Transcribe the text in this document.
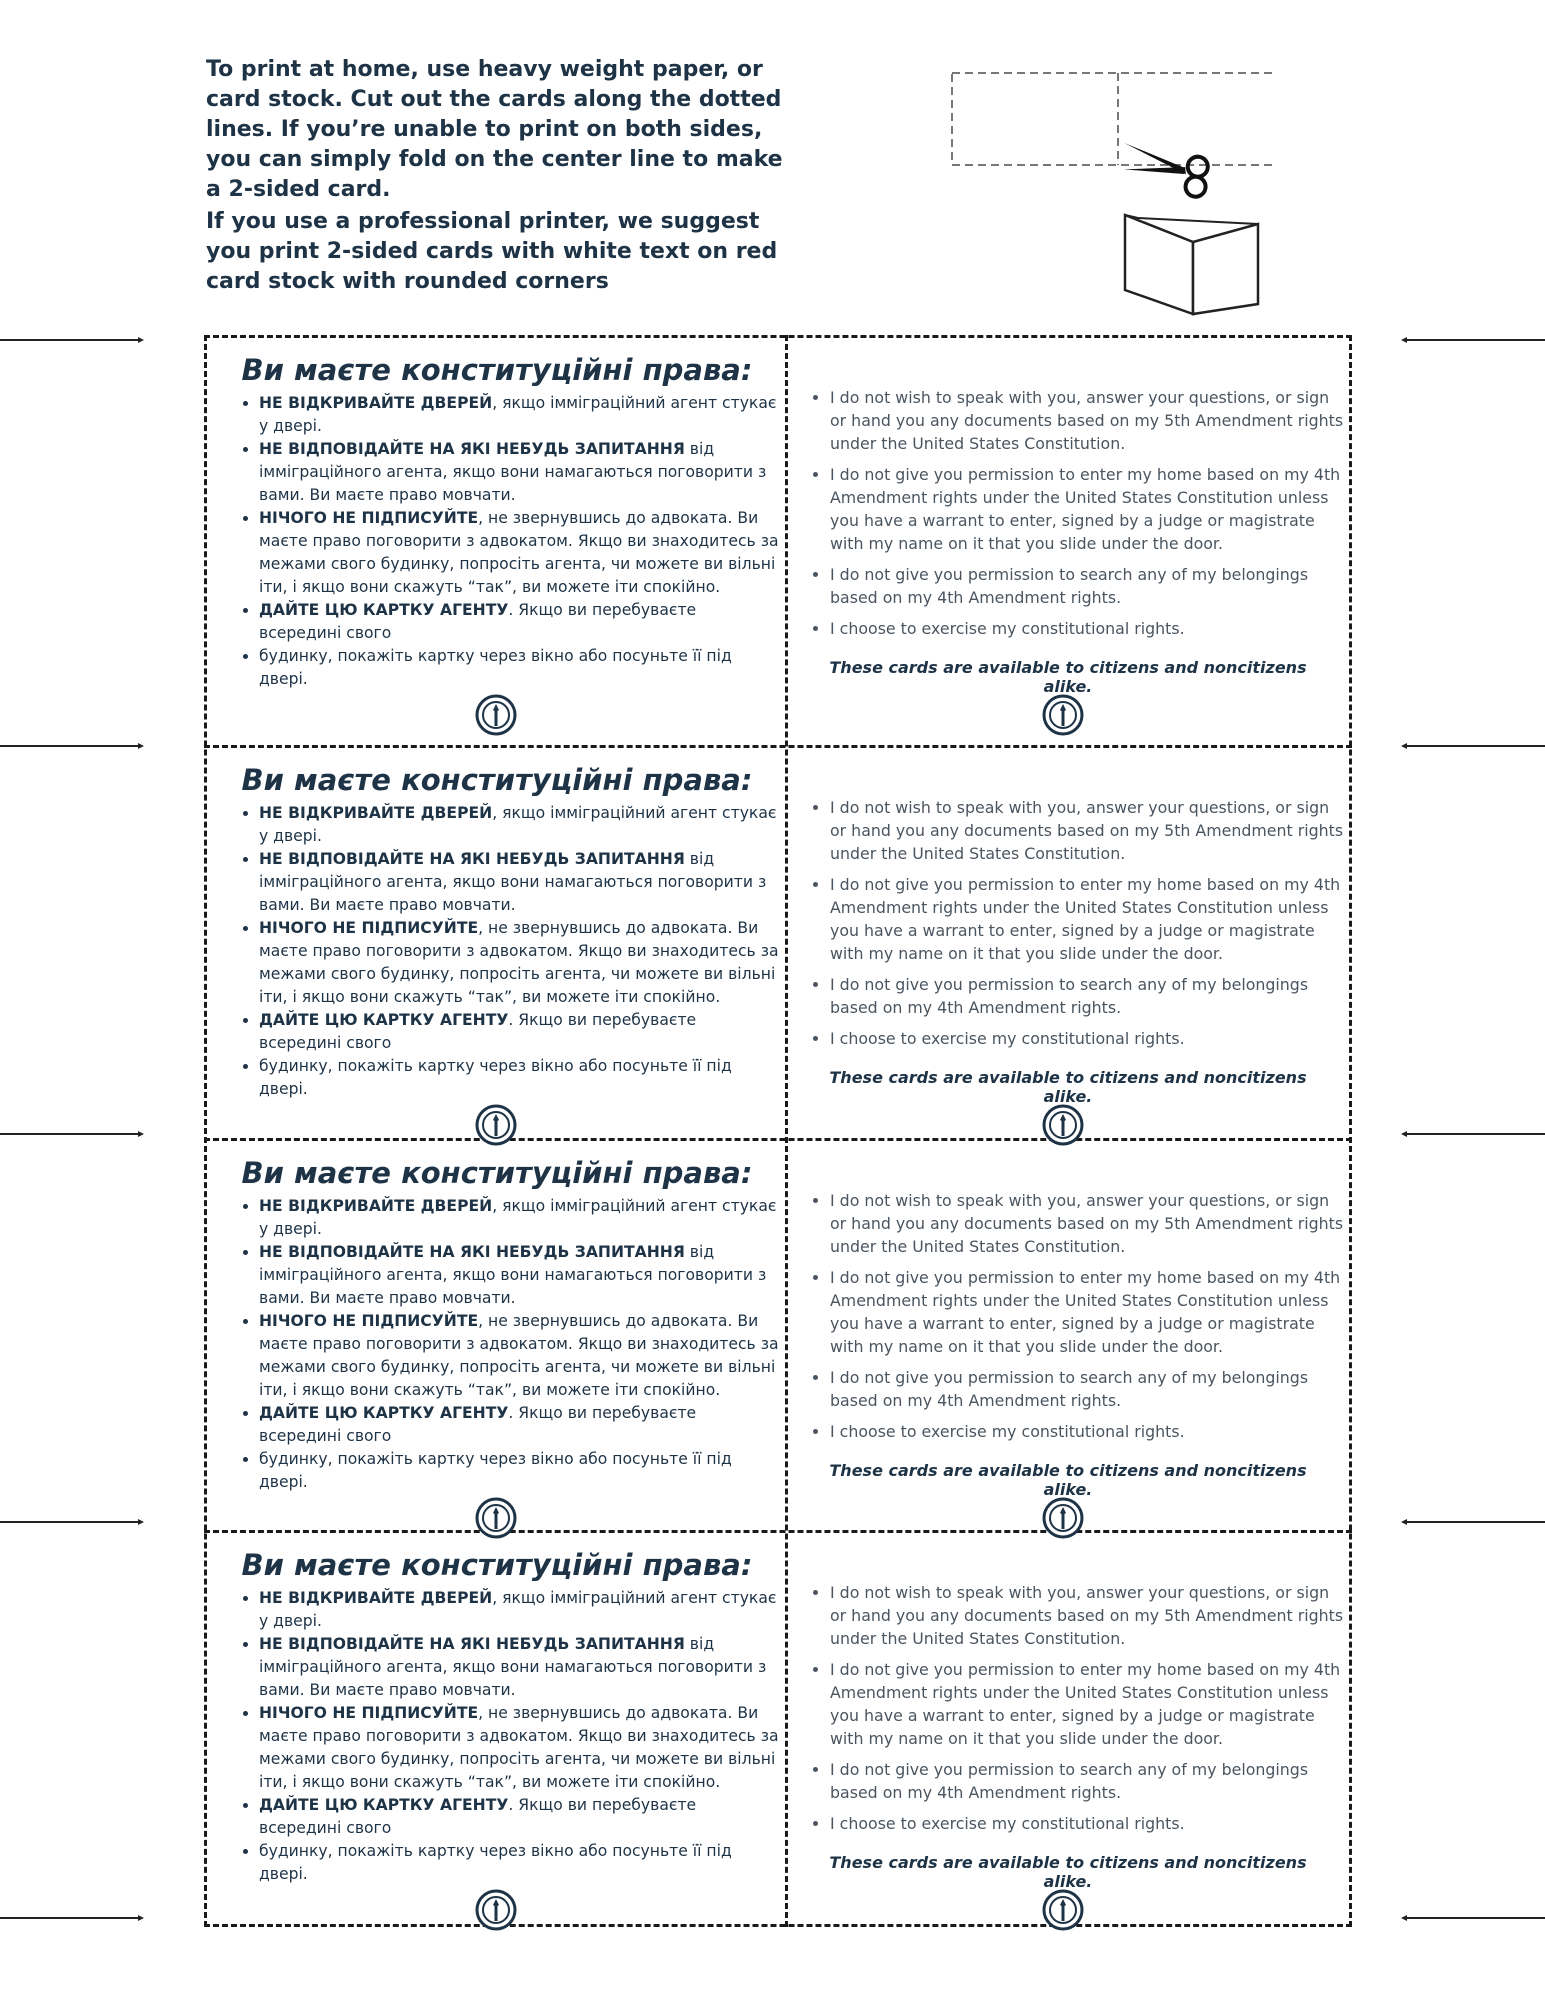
To print at home, use heavy weight paper, or card stock. Cut out the cards along the dotted lines. If you’re unable to print on both sides, you can simply fold on the center line to make a 2-sided card.

If you use a professional printer, we suggest you print 2-sided cards with white text on red card stock with rounded corners

Ви маєте конституційні права:
• НЕ ВІДКРИВАЙТЕ ДВЕРЕЙ, якщо імміграційний агент стукає у двері.
• НЕ ВІДПОВІДАЙТЕ НА ЯКІ НЕБУДЬ ЗАПИТАННЯ від імміграційного агента, якщо вони намагаються поговорити з вами. Ви маєте право мовчати.
• НІЧОГО НЕ ПІДПИСУЙТЕ, не звернувшись до адвоката. Ви маєте право поговорити з адвокатом. Якщо ви знаходитесь за межами свого будинку, попросіть агента, чи можете ви вільні іти, і якщо вони скажуть “так”, ви можете іти спокійно.
• ДАЙТЕ ЦЮ КАРТКУ АГЕНТУ. Якщо ви перебуваєте всередині свого
• будинку, покажіть картку через вікно або посуньте її під двері.
• I do not wish to speak with you, answer your questions, or sign or hand you any documents based on my 5th Amendment rights under the United States Constitution.
• I do not give you permission to enter my home based on my 4th Amendment rights under the United States Constitution unless you have a warrant to enter, signed by a judge or magistrate with my name on it that you slide under the door.
• I do not give you permission to search any of my belongings based on my 4th Amendment rights.
• I choose to exercise my constitutional rights.

These cards are available to citizens and noncitizens alike.

Ви маєте конституційні права:
• НЕ ВІДКРИВАЙТЕ ДВЕРЕЙ, якщо імміграційний агент стукає у двері.
• НЕ ВІДПОВІДАЙТЕ НА ЯКІ НЕБУДЬ ЗАПИТАННЯ від імміграційного агента, якщо вони намагаються поговорити з вами. Ви маєте право мовчати.
• НІЧОГО НЕ ПІДПИСУЙТЕ, не звернувшись до адвоката. Ви маєте право поговорити з адвокатом. Якщо ви знаходитесь за межами свого будинку, попросіть агента, чи можете ви вільні іти, і якщо вони скажуть “так”, ви можете іти спокійно.
• ДАЙТЕ ЦЮ КАРТКУ АГЕНТУ. Якщо ви перебуваєте всередині свого
• будинку, покажіть картку через вікно або посуньте її під двері.
• I do not wish to speak with you, answer your questions, or sign or hand you any documents based on my 5th Amendment rights under the United States Constitution.
• I do not give you permission to enter my home based on my 4th Amendment rights under the United States Constitution unless you have a warrant to enter, signed by a judge or magistrate with my name on it that you slide under the door.
• I do not give you permission to search any of my belongings based on my 4th Amendment rights.
• I choose to exercise my constitutional rights.

These cards are available to citizens and noncitizens alike.

Ви маєте конституційні права:
• НЕ ВІДКРИВАЙТЕ ДВЕРЕЙ, якщо імміграційний агент стукає у двері.
• НЕ ВІДПОВІДАЙТЕ НА ЯКІ НЕБУДЬ ЗАПИТАННЯ від імміграційного агента, якщо вони намагаються поговорити з вами. Ви маєте право мовчати.
• НІЧОГО НЕ ПІДПИСУЙТЕ, не звернувшись до адвоката. Ви маєте право поговорити з адвокатом. Якщо ви знаходитесь за межами свого будинку, попросіть агента, чи можете ви вільні іти, і якщо вони скажуть “так”, ви можете іти спокійно.
• ДАЙТЕ ЦЮ КАРТКУ АГЕНТУ. Якщо ви перебуваєте всередині свого
• будинку, покажіть картку через вікно або посуньте її під двері.
• I do not wish to speak with you, answer your questions, or sign or hand you any documents based on my 5th Amendment rights under the United States Constitution.
• I do not give you permission to enter my home based on my 4th Amendment rights under the United States Constitution unless you have a warrant to enter, signed by a judge or magistrate with my name on it that you slide under the door.
• I do not give you permission to search any of my belongings based on my 4th Amendment rights.
• I choose to exercise my constitutional rights.

These cards are available to citizens and noncitizens alike.

Ви маєте конституційні права:
• НЕ ВІДКРИВАЙТЕ ДВЕРЕЙ, якщо імміграційний агент стукає у двері.
• НЕ ВІДПОВІДАЙТЕ НА ЯКІ НЕБУДЬ ЗАПИТАННЯ від імміграційного агента, якщо вони намагаються поговорити з вами. Ви маєте право мовчати.
• НІЧОГО НЕ ПІДПИСУЙТЕ, не звернувшись до адвоката. Ви маєте право поговорити з адвокатом. Якщо ви знаходитесь за межами свого будинку, попросіть агента, чи можете ви вільні іти, і якщо вони скажуть “так”, ви можете іти спокійно.
• ДАЙТЕ ЦЮ КАРТКУ АГЕНТУ. Якщо ви перебуваєте всередині свого
• будинку, покажіть картку через вікно або посуньте її під двері.
• I do not wish to speak with you, answer your questions, or sign or hand you any documents based on my 5th Amendment rights under the United States Constitution.
• I do not give you permission to enter my home based on my 4th Amendment rights under the United States Constitution unless you have a warrant to enter, signed by a judge or magistrate with my name on it that you slide under the door.
• I do not give you permission to search any of my belongings based on my 4th Amendment rights.
• I choose to exercise my constitutional rights.

These cards are available to citizens and noncitizens alike.
